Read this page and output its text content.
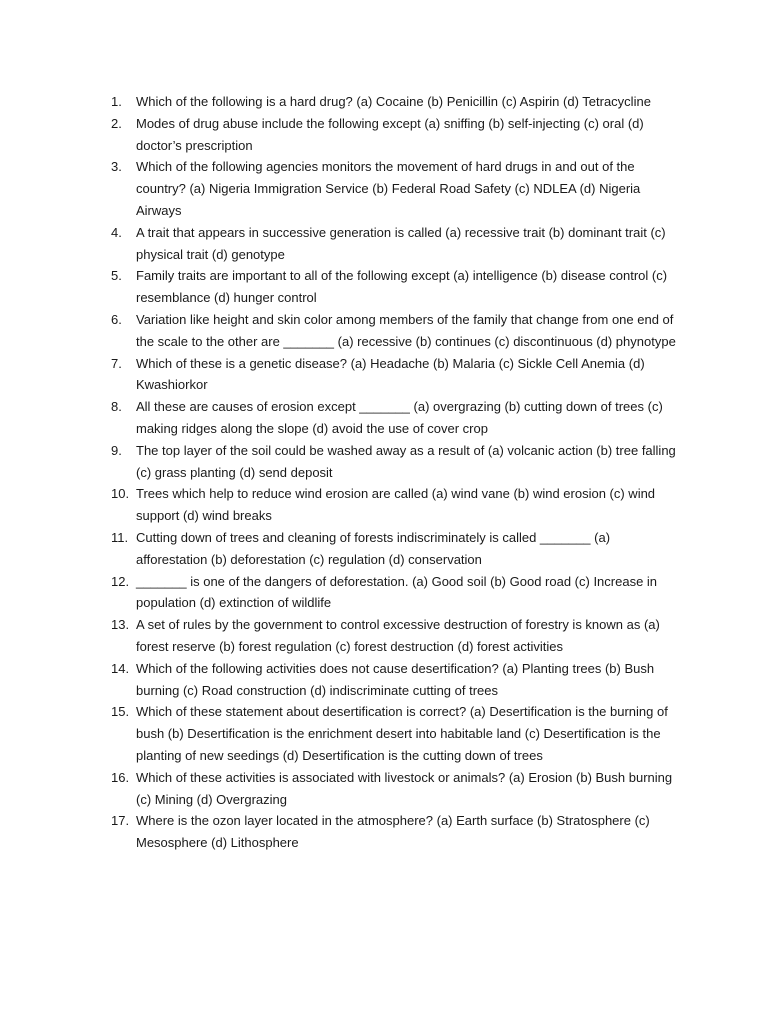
1.	Which of the following is a hard drug? (a) Cocaine (b) Penicillin (c) Aspirin (d) Tetracycline
2.	Modes of drug abuse include the following except (a) sniffing (b) self-injecting (c) oral (d) doctor’s prescription
3.	Which of the following agencies monitors the movement of hard drugs in and out of the country? (a) Nigeria Immigration Service (b) Federal Road Safety (c) NDLEA (d) Nigeria Airways
4.	A trait that appears in successive generation is called (a) recessive trait (b) dominant trait (c) physical trait (d) genotype
5.	Family traits are important to all of the following except (a) intelligence (b) disease control (c) resemblance (d) hunger control
6.	Variation like height and skin color among members of the family that change from one end of the scale to the other are _______ (a) recessive (b) continues (c) discontinuous (d) phynotype
7.	Which of these is a genetic disease? (a) Headache (b) Malaria (c) Sickle Cell Anemia (d) Kwashiorkor
8.	All these are causes of erosion except _______ (a) overgrazing (b) cutting down of trees (c) making ridges along the slope (d) avoid the use of cover crop
9.	The top layer of the soil could be washed away as a result of (a) volcanic action (b) tree falling (c) grass planting (d) send deposit
10. Trees which help to reduce wind erosion are called (a) wind vane (b) wind erosion (c) wind support (d) wind breaks
11. Cutting down of trees and cleaning of forests indiscriminately is called _______ (a) afforestation (b) deforestation (c) regulation (d) conservation
12. _______ is one of the dangers of deforestation. (a) Good soil (b) Good road (c) Increase in population (d) extinction of wildlife
13. A set of rules by the government to control excessive destruction of forestry is known as (a) forest reserve (b) forest regulation (c) forest destruction (d) forest activities
14. Which of the following activities does not cause desertification? (a) Planting trees (b) Bush burning (c) Road construction (d) indiscriminate cutting of trees
15. Which of these statement about desertification is correct? (a) Desertification is the burning of bush (b) Desertification is the enrichment desert into habitable land (c) Desertification is the planting of new seedings (d) Desertification is the cutting down of trees
16. Which of these activities is associated with livestock or animals? (a) Erosion (b) Bush burning (c) Mining (d) Overgrazing
17. Where is the ozon layer located in the atmosphere? (a) Earth surface (b) Stratosphere (c) Mesosphere (d) Lithosphere
